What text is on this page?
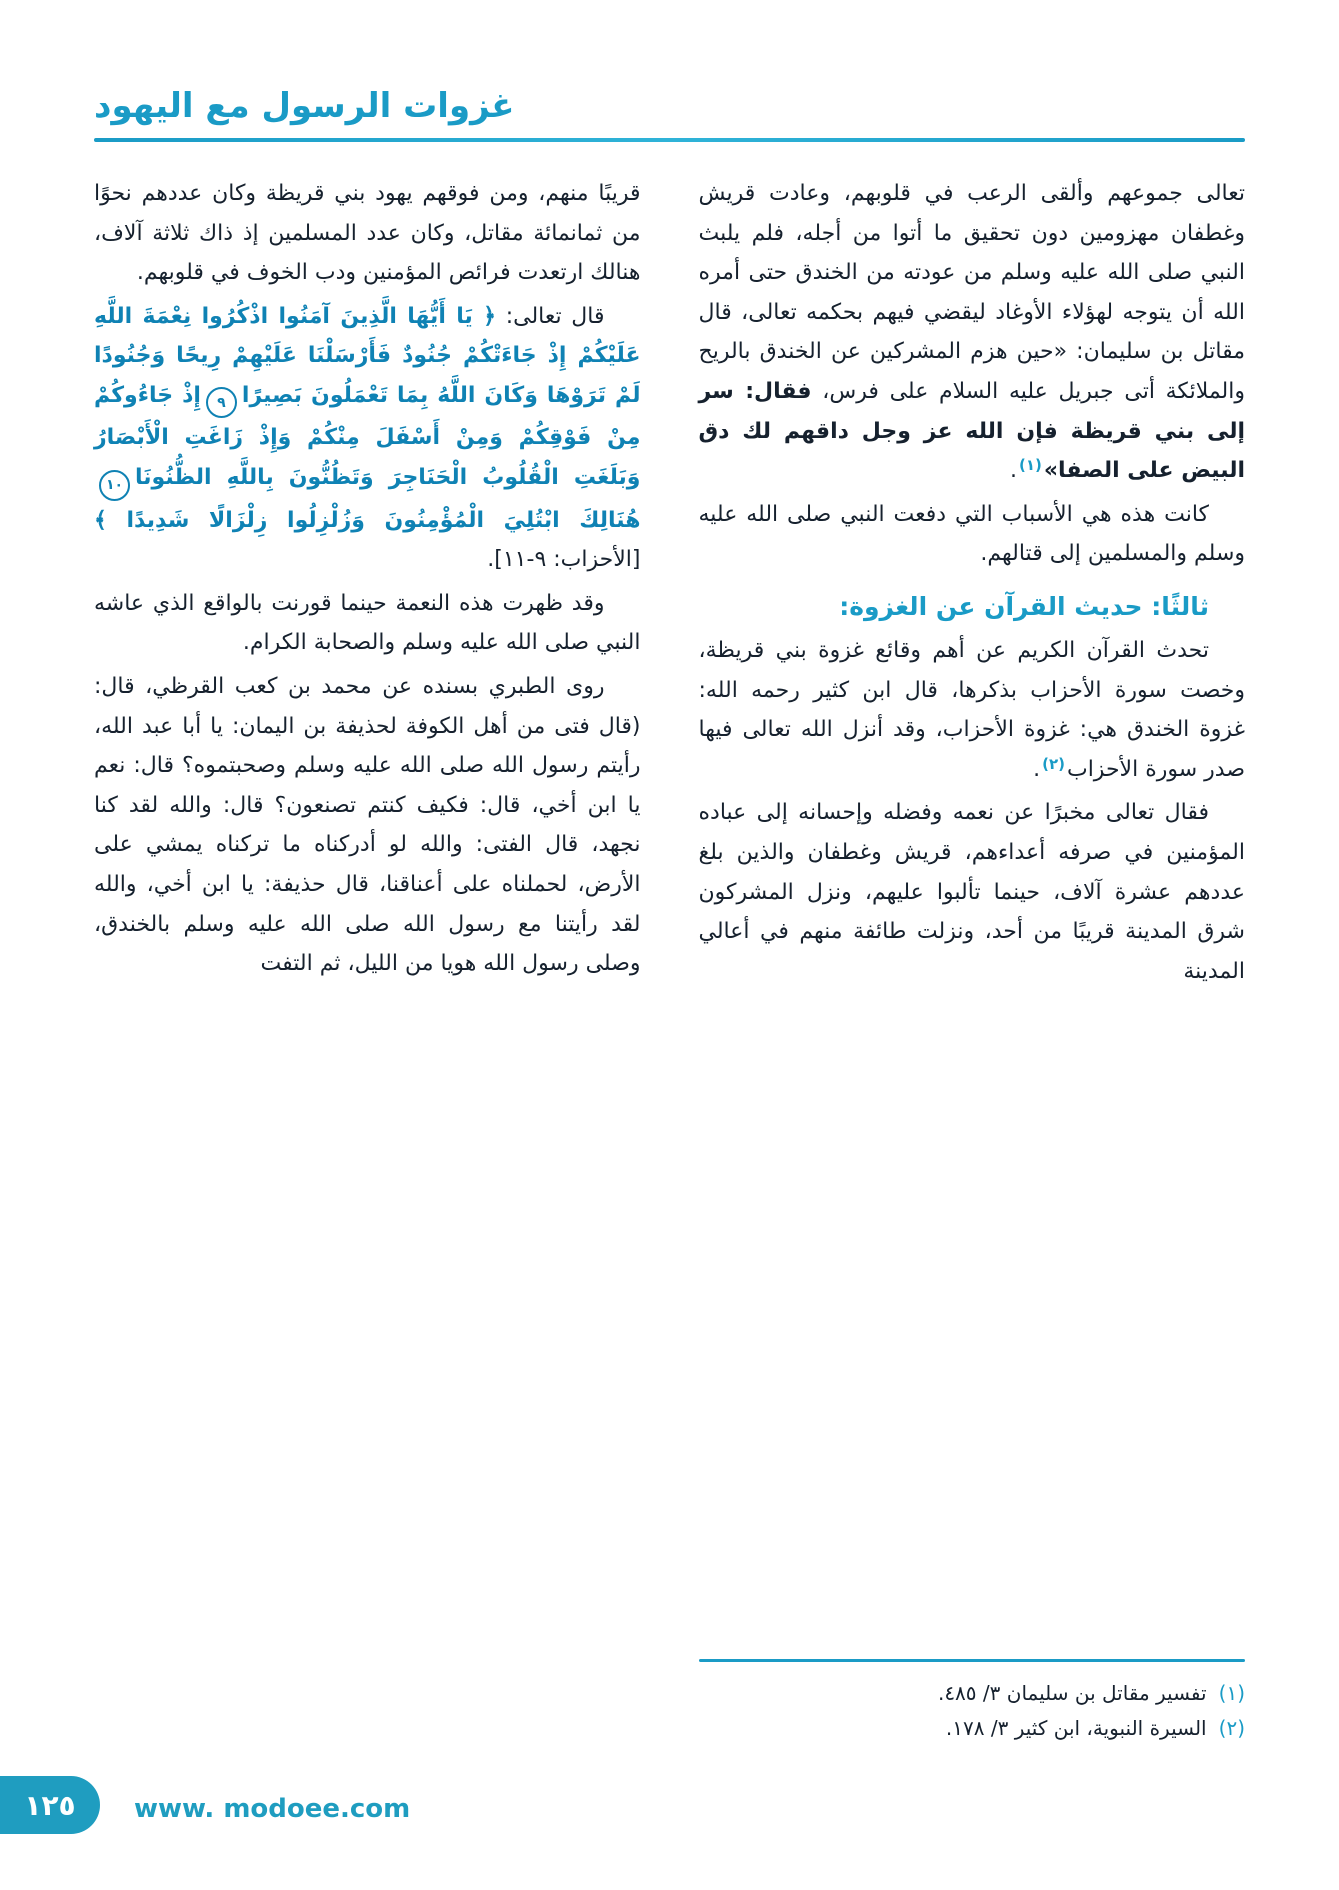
غزوات الرسول مع اليهود

تعالى جموعهم وألقى الرعب في قلوبهم، وعادت قريش وغطفان مهزومين دون تحقيق ما أتوا من أجله، فلم يلبث النبي صلى الله عليه وسلم من عودته من الخندق حتى أمره الله أن يتوجه لهؤلاء الأوغاد ليقضي فيهم بحكمه تعالى، قال مقاتل بن سليمان: «حين هزم المشركين عن الخندق بالريح والملائكة أتى جبريل عليه السلام على فرس، فقال: سر إلى بني قريظة فإن الله عز وجل داقهم لك دق البيض على الصفا»$^{(١)}$.

كانت هذه هي الأسباب التي دفعت النبي صلى الله عليه وسلم والمسلمين إلى قتالهم.

ثالثًا: حديث القرآن عن الغزوة:

تحدث القرآن الكريم عن أهم وقائع غزوة بني قريظة، وخصت سورة الأحزاب بذكرها، قال ابن كثير رحمه الله: غزوة الخندق هي: غزوة الأحزاب، وقد أنزل الله تعالى فيها صدر سورة الأحزاب$^{(٢)}$.

فقال تعالى مخبرًا عن نعمه وفضله وإحسانه إلى عباده المؤمنين في صرفه أعداءهم، قريش وغطفان والذين بلغ عددهم عشرة آلاف، حينما تألبوا عليهم، ونزل المشركون شرق المدينة قريبًا من أحد، ونزلت طائفة منهم في أعالي المدينة

(١)
تفسير مقاتل بن سليمان ٣/ ٤٨٥.
(٢)
السيرة النبوية، ابن كثير ٣/ ١٧٨.

قريبًا منهم، ومن فوقهم يهود بني قريظة وكان عددهم نحوًا من ثمانمائة مقاتل، وكان عدد المسلمين إذ ذاك ثلاثة آلاف، هنالك ارتعدت فرائص المؤمنين ودب الخوف في قلوبهم.

قال تعالى: ﴿ يَا أَيُّهَا الَّذِينَ آمَنُوا اذْكُرُوا نِعْمَةَ اللَّهِ عَلَيْكُمْ إِذْ جَاءَتْكُمْ جُنُودٌ فَأَرْسَلْنَا عَلَيْهِمْ رِيحًا وَجُنُودًا لَمْ تَرَوْهَا وَكَانَ اللَّهُ بِمَا تَعْمَلُونَ بَصِيرًا٩إِذْ جَاءُوكُمْ مِنْ فَوْقِكُمْ وَمِنْ أَسْفَلَ مِنْكُمْ وَإِذْ زَاغَتِ الْأَبْصَارُ وَبَلَغَتِ الْقُلُوبُ الْحَنَاجِرَ وَتَظُنُّونَ بِاللَّهِ الظُّنُونَا١٠هُنَالِكَ ابْتُلِيَ الْمُؤْمِنُونَ وَزُلْزِلُوا زِلْزَالًا شَدِيدًا ﴾ [الأحزاب: ٩-١١].

وقد ظهرت هذه النعمة حينما قورنت بالواقع الذي عاشه النبي صلى الله عليه وسلم والصحابة الكرام.

روى الطبري بسنده عن محمد بن كعب القرظي، قال: (قال فتى من أهل الكوفة لحذيفة بن اليمان: يا أبا عبد الله، رأيتم رسول الله صلى الله عليه وسلم وصحبتموه؟ قال: نعم يا ابن أخي، قال: فكيف كنتم تصنعون؟ قال: والله لقد كنا نجهد، قال الفتى: والله لو أدركناه ما تركناه يمشي على الأرض، لحملناه على أعناقنا، قال حذيفة: يا ابن أخي، والله لقد رأيتنا مع رسول الله صلى الله عليه وسلم بالخندق، وصلى رسول الله هويا من الليل، ثم التفت

١٢٥ www. modoee.com
